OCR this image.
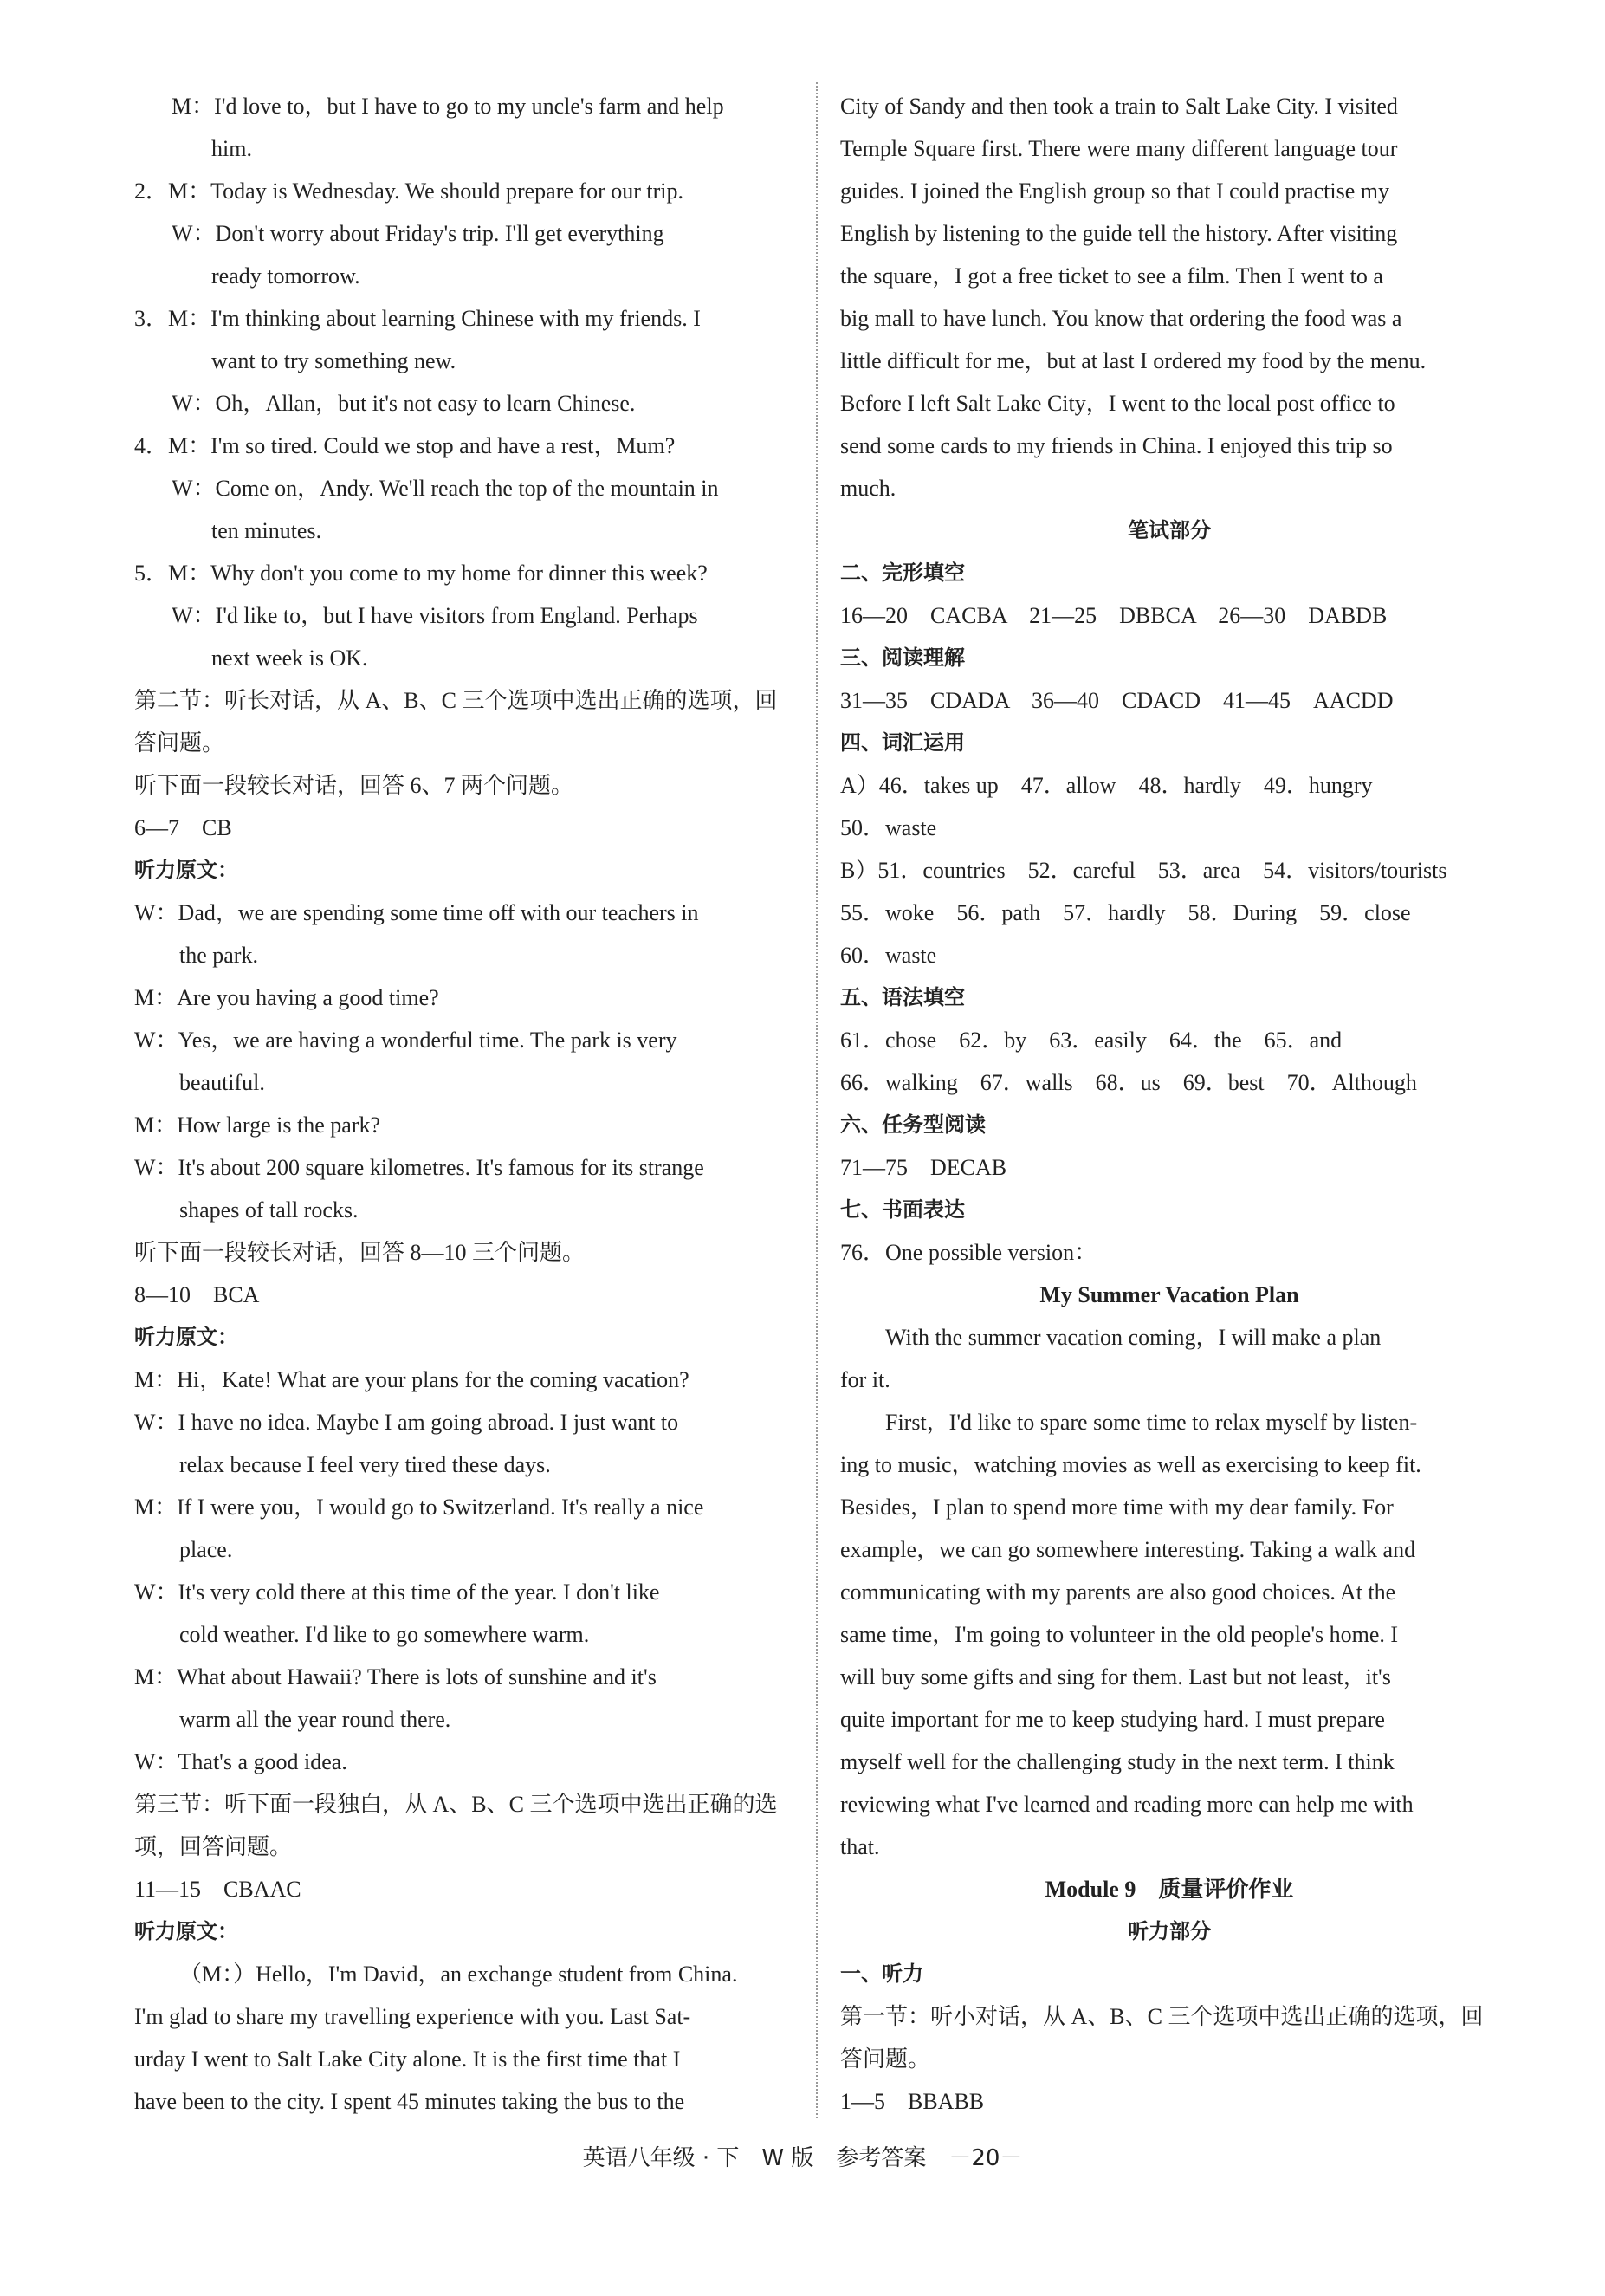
M：I'd love to，but I have to go to my uncle's farm and help
him.
2．M：Today is Wednesday. We should prepare for our trip.
W：Don't worry about Friday's trip. I'll get everything
ready tomorrow.
3．M：I'm thinking about learning Chinese with my friends. I
want to try something new.
W：Oh，Allan，but it's not easy to learn Chinese.
4．M：I'm so tired. Could we stop and have a rest，Mum?
W：Come on，Andy. We'll reach the top of the mountain in
ten minutes.
5．M：Why don't you come to my home for dinner this week?
W：I'd like to，but I have visitors from England. Perhaps
next week is OK.
第二节：听长对话，从 A、B、C 三个选项中选出正确的选项，回
答问题。
听下面一段较长对话，回答 6、7 两个问题。
6—7　CB
听力原文：
W：Dad，we are spending some time off with our teachers in
the park.
M：Are you having a good time?
W：Yes，we are having a wonderful time. The park is very
beautiful.
M：How large is the park?
W：It's about 200 square kilometres. It's famous for its strange
shapes of tall rocks.
听下面一段较长对话，回答 8—10 三个问题。
8—10　BCA
听力原文：
M：Hi，Kate! What are your plans for the coming vacation?
W：I have no idea. Maybe I am going abroad. I just want to
relax because I feel very tired these days.
M：If I were you，I would go to Switzerland. It's really a nice
place.
W：It's very cold there at this time of the year. I don't like
cold weather. I'd like to go somewhere warm.
M：What about Hawaii? There is lots of sunshine and it's
warm all the year round there.
W：That's a good idea.
第三节：听下面一段独白，从 A、B、C 三个选项中选出正确的选
项，回答问题。
11—15　CBAAC
听力原文：
（M：）Hello，I'm David，an exchange student from China.
I'm glad to share my travelling experience with you. Last Sat-
urday I went to Salt Lake City alone. It is the first time that I
have been to the city. I spent 45 minutes taking the bus to the
City of Sandy and then took a train to Salt Lake City. I visited
Temple Square first. There were many different language tour
guides. I joined the English group so that I could practise my
English by listening to the guide tell the history. After visiting
the square，I got a free ticket to see a film. Then I went to a
big mall to have lunch. You know that ordering the food was a
little difficult for me，but at last I ordered my food by the menu.
Before I left Salt Lake City，I went to the local post office to
send some cards to my friends in China. I enjoyed this trip so
much.
笔试部分
二、完形填空
16—20　CACBA　21—25　DBBCA　26—30　DABDB
三、阅读理解
31—35　CDADA　36—40　CDACD　41—45　AACDD
四、词汇运用
A）46．takes up　47．allow　48．hardly　49．hungry
50．waste
B）51．countries　52．careful　53．area　54．visitors/tourists
55．woke　56．path　57．hardly　58．During　59．close
60．waste
五、语法填空
61．chose　62．by　63．easily　64．the　65．and
66．walking　67．walls　68．us　69．best　70．Although
六、任务型阅读
71—75　DECAB
七、书面表达
76．One possible version：
My Summer Vacation Plan
With the summer vacation coming，I will make a plan
for it.
First，I'd like to spare some time to relax myself by listen-
ing to music，watching movies as well as exercising to keep fit.
Besides，I plan to spend more time with my dear family. For
example，we can go somewhere interesting. Taking a walk and
communicating with my parents are also good choices. At the
same time，I'm going to volunteer in the old people's home. I
will buy some gifts and sing for them. Last but not least，it's
quite important for me to keep studying hard. I must prepare
myself well for the challenging study in the next term. I think
reviewing what I've learned and reading more can help me with
that.
Module 9　质量评价作业
听力部分
一、听力
第一节：听小对话，从 A、B、C 三个选项中选出正确的选项，回
答问题。
1—5　BBABB
英语八年级 · 下　W 版　参考答案　－20－
